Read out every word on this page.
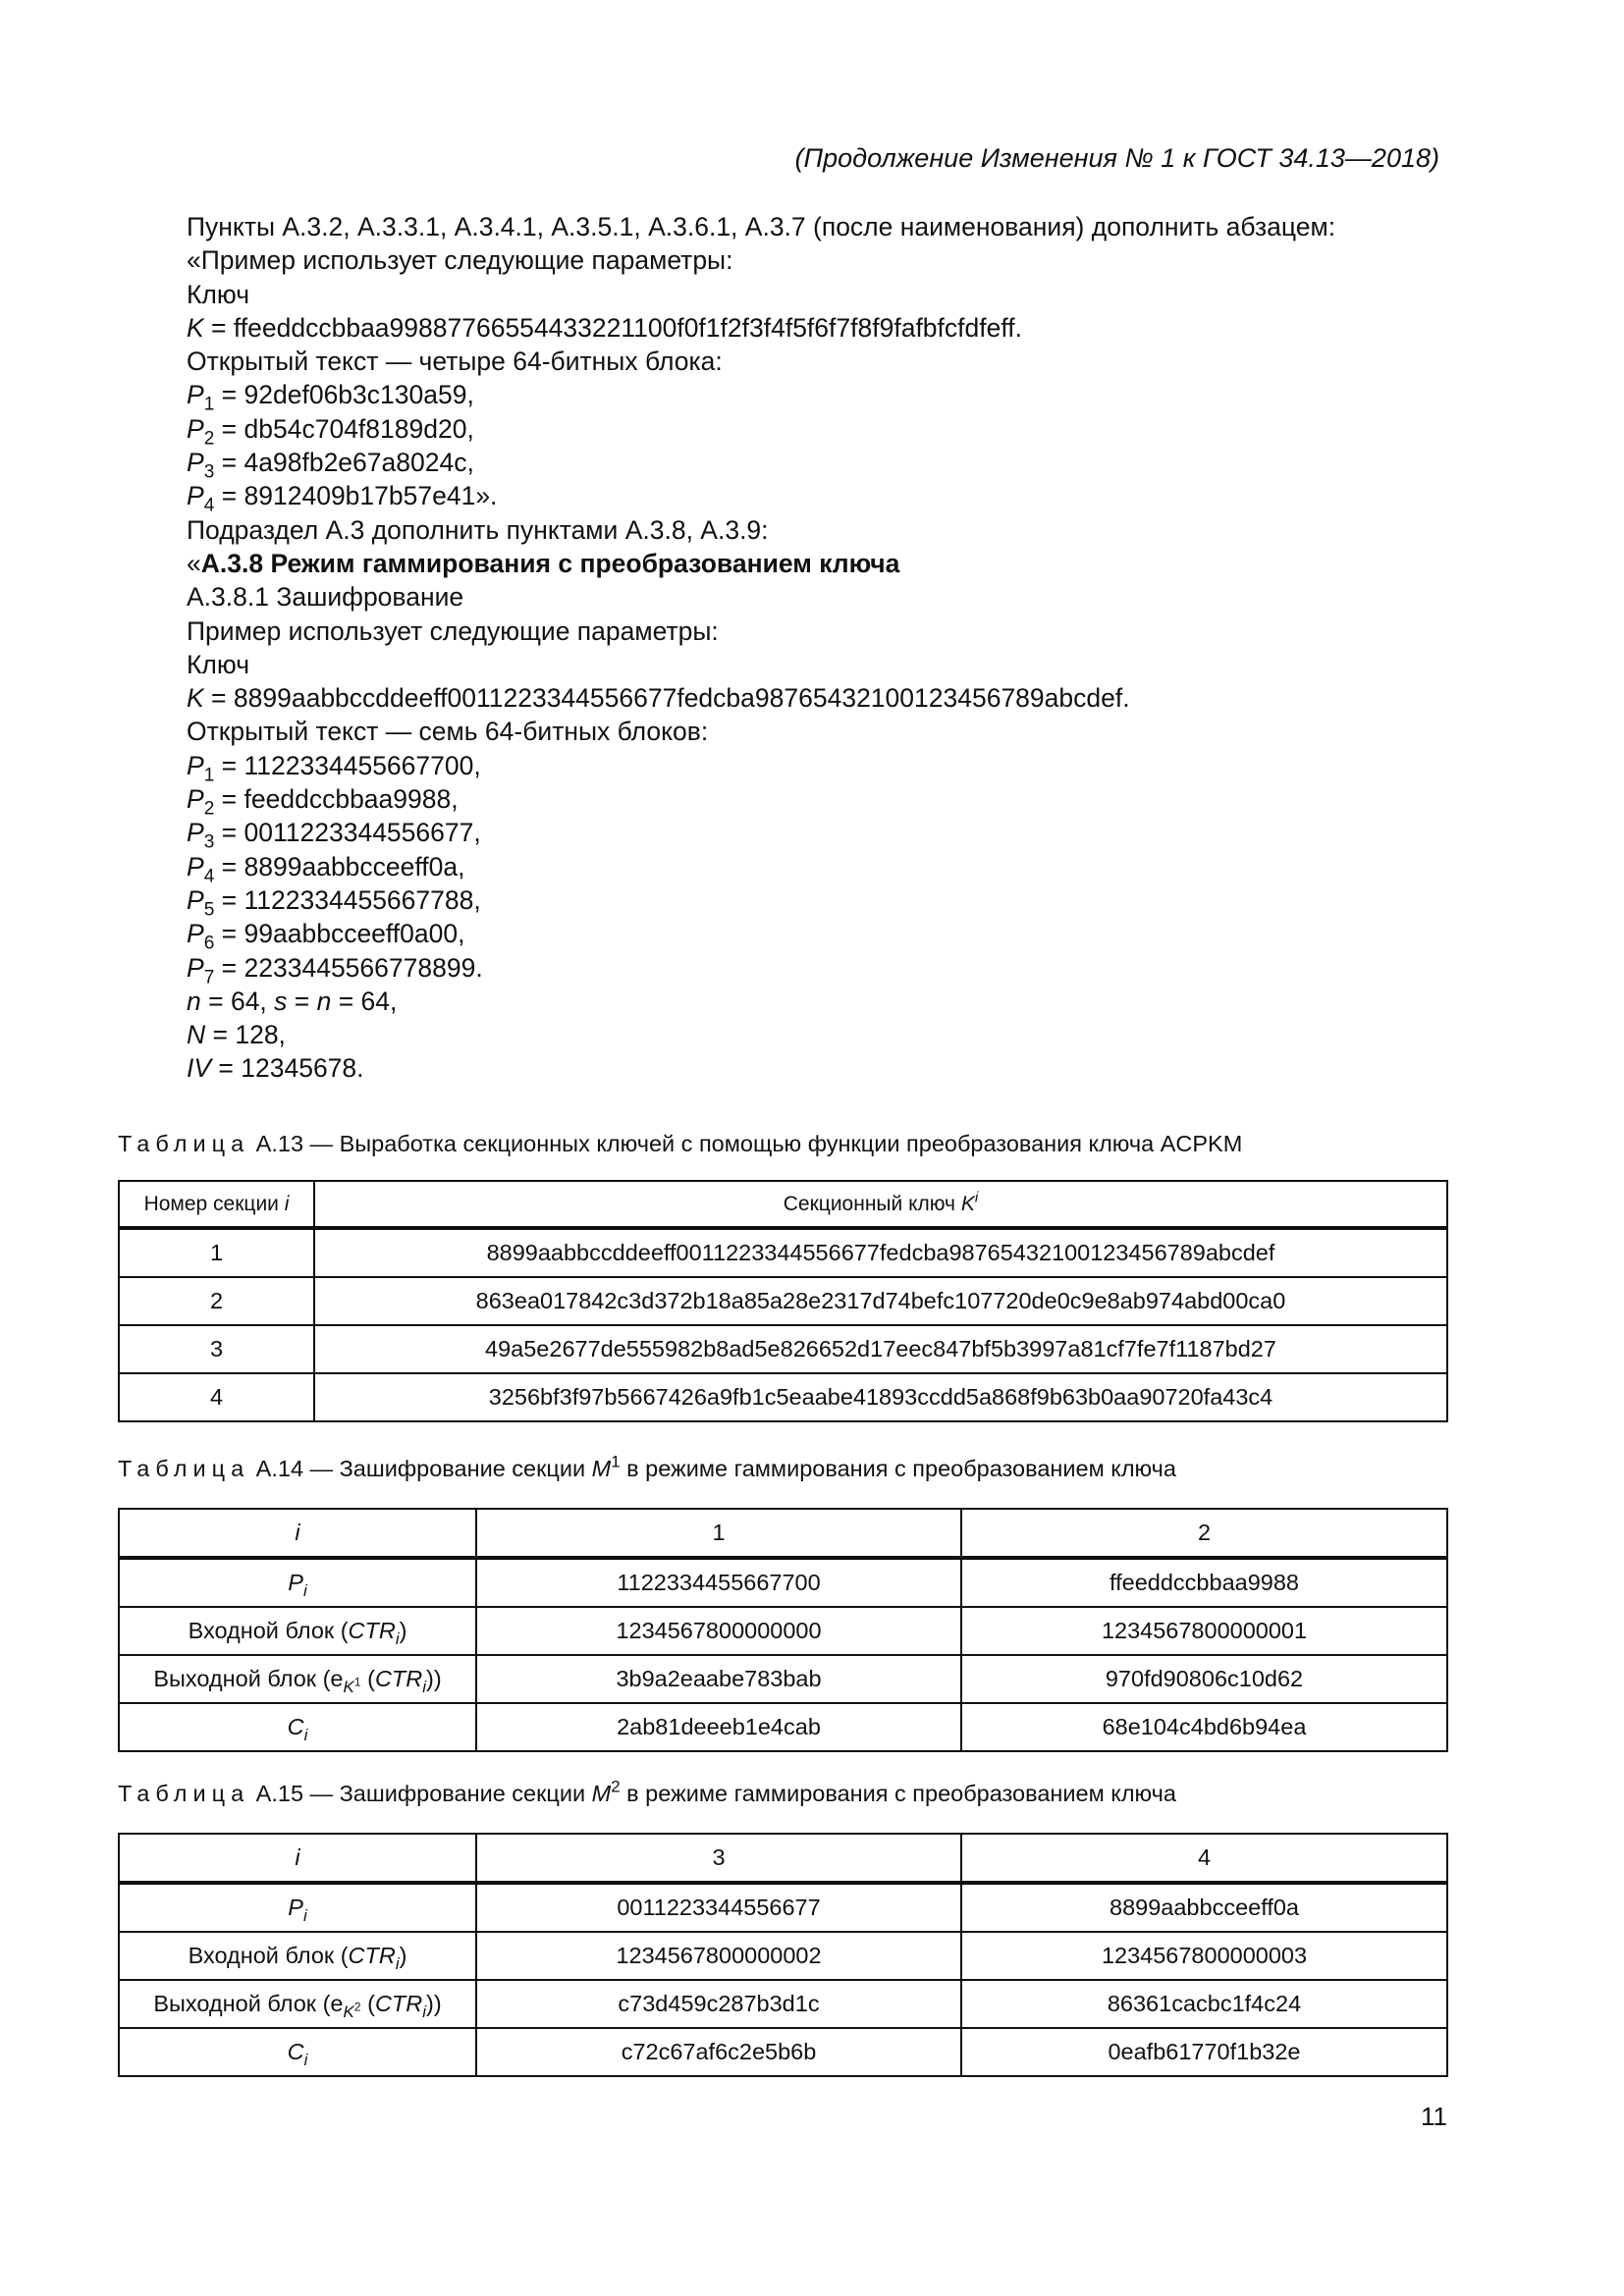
(Продолжение Изменения № 1 к ГОСТ 34.13—2018)
Пункты А.3.2, А.3.3.1, А.3.4.1, А.3.5.1, А.3.6.1, А.3.7 (после наименования) дополнить абзацем:
«Пример использует следующие параметры:
Ключ
K = ffeeddccbbaa99887766554433221100f0f1f2f3f4f5f6f7f8f9fafbfcfdfeff.
Открытый текст — четыре 64-битных блока:
$P_1 = 92def06b3c130a59$,
$P_2 = db54c704f8189d20$,
$P_3 = 4a98fb2e67a8024c$,
$P_4 = 8912409b17b57e41$».
Подраздел А.3 дополнить пунктами А.3.8, А.3.9:
«А.3.8 Режим гаммирования с преобразованием ключа
А.3.8.1 Зашифрование
Пример использует следующие параметры:
Ключ
K = 8899aabbccddeeff0011223344556677fedcba98765432100123456789abcdef.
Открытый текст — семь 64-битных блоков:
$P_1 = 1122334455667700$,
$P_2$ = feeddccbbaa9988,
$P_3 = 0011223344556677$,
$P_4$ = 8899aabbcceeff0a,
$P_5 = 1122334455667788$,
$P_6$ = 99aabbcceeff0a00,
$P_7 = 2233445566778899$.
n = 64, s = n = 64,
N = 128,
IV = 12345678.
Таблица А.13 — Выработка секционных ключей с помощью функции преобразования ключа ACPKM
Номер секции i	Секционный ключ $K^i$
1	8899aabbccddeeff0011223344556677fedcba98765432100123456789abcdef
2	863ea017842c3d372b18a85a28e2317d74befc107720de0c9e8ab974abd00ca0
3	49a5e2677de555982b8ad5e826652d17eec847bf5b3997a81cf7fe7f1187bd27
4	3256bf3f97b5667426a9fb1c5eaabe41893ccdd5a868f9b63b0aa90720fa43c4
Таблица А.14 — Зашифрование секции $M^1$ в режиме гаммирования с преобразованием ключа
i	1	2
$P_i$	1122334455667700	ffeeddccbbaa9988
Входной блок $(CTR_i)$	1234567800000000	1234567800000001
Выходной блок ($e_{K^1}$ $(CTR_i)$)	3b9a2eaabe783bab	970fd90806c10d62
$C_i$	2ab81deeeb1e4cab	68e104c4bd6b94ea
Таблица А.15 — Зашифрование секции $M^2$ в режиме гаммирования с преобразованием ключа
i	3	4
$P_i$	0011223344556677	8899aabbcceeff0a
Входной блок $(CTR_i)$	1234567800000002	1234567800000003
Выходной блок ($e_{K^2}$ $(CTR_i)$)	c73d459c287b3d1c	86361cacbc1f4c24
$C_i$	c72c67af6c2e5b6b	0eafb61770f1b32e
11
